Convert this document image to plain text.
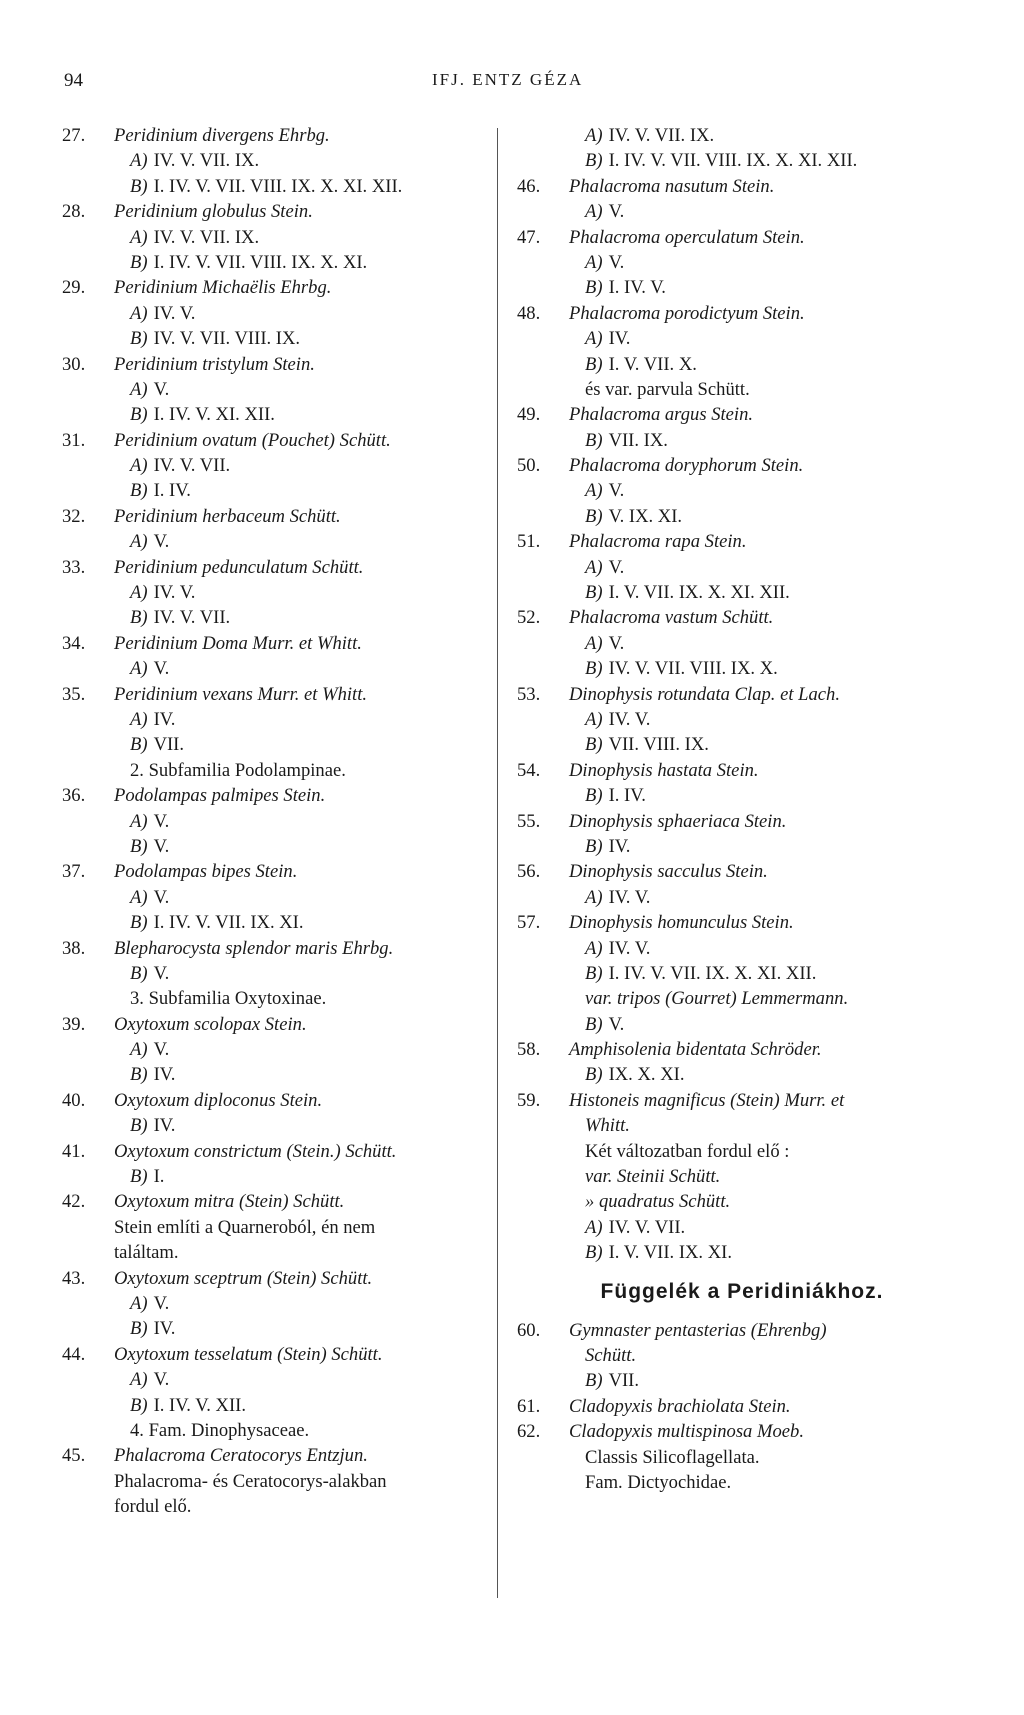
94	IFJ. ENTZ GÉZA
27. Peridinium divergens Ehrbg.
A) IV. V. VII. IX.
B) I. IV. V. VII. VIII. IX. X. XI. XII.
28. Peridinium globulus Stein.
A) IV. V. VII. IX.
B) I. IV. V. VII. VIII. IX. X. XI.
29. Peridinium Michaëlis Ehrbg.
A) IV. V.
B) IV. V. VII. VIII. IX.
30. Peridinium tristylum Stein.
A) V.
B) I. IV. V. XI. XII.
31. Peridinium ovatum (Pouchet) Schütt.
A) IV. V. VII.
B) I. IV.
32. Peridinium herbaceum Schütt.
A) V.
33. Peridinium pedunculatum Schütt.
A) IV. V.
B) IV. V. VII.
34. Peridinium Doma Murr. et Whitt.
A) V.
35. Peridinium vexans Murr. et Whitt.
A) IV.
B) VII.
2. Subfamilia Podolampinae.
36. Podolampas palmipes Stein.
A) V.
B) V.
37. Podolampas bipes Stein.
A) V.
B) I. IV. V. VII. IX. XI.
38. Blepharocysta splendor maris Ehrbg.
B) V.
3. Subfamilia Oxytoxinae.
39. Oxytoxum scolopax Stein.
A) V.
B) IV.
40. Oxytoxum diploconus Stein.
B) IV.
41. Oxytoxum constrictum (Stein.) Schütt.
B) I.
42. Oxytoxum mitra (Stein) Schütt.
Stein említi a Quarneroból, én nem
találtam.
43. Oxytoxum sceptrum (Stein) Schütt.
A) V.
B) IV.
44. Oxytoxum tesselatum (Stein) Schütt.
A) V.
B) I. IV. V. XII.
4. Fam. Dinophysaceae.
45. Phalacroma Ceratocorys Entzjun.
Phalacroma- és Ceratocorys-alakban
fordul elő.
A) IV. V. VII. IX.
B) I. IV. V. VII. VIII. IX. X. XI. XII.
46. Phalacroma nasutum Stein.
A) V.
47. Phalacroma operculatum Stein.
A) V.
B) I. IV. V.
48. Phalacroma porodictyum Stein.
A) IV.
B) I. V. VII. X.
és var. parvula Schütt.
49. Phalacroma argus Stein.
B) VII. IX.
50. Phalacroma doryphorum Stein.
A) V.
B) V. IX. XI.
51. Phalacroma rapa Stein.
A) V.
B) I. V. VII. IX. X. XI. XII.
52. Phalacroma vastum Schütt.
A) V.
B) IV. V. VII. VIII. IX. X.
53. Dinophysis rotundata Clap. et Lach.
A) IV. V.
B) VII. VIII. IX.
54. Dinophysis hastata Stein.
B) I. IV.
55. Dinophysis sphaeriaca Stein.
B) IV.
56. Dinophysis sacculus Stein.
A) IV. V.
57. Dinophysis homunculus Stein.
A) IV. V.
B) I. IV. V. VII. IX. X. XI. XII.
var. tripos (Gourret) Lemmermann.
B) V.
58. Amphisolenia bidentata Schröder.
B) IX. X. XI.
59. Histoneis magnificus (Stein) Murr. et
Whitt.
Két változatban fordul elő :
var. Steinii Schütt.
» quadratus Schütt.
A) IV. V. VII.
B) I. V. VII. IX. XI.
Függelék a Peridiniákhoz.
60. Gymnaster pentasterias (Ehrenbg)
Schütt.
B) VII.
61. Cladopyxis brachiolata Stein.
62. Cladopyxis multispinosa Moeb.
Classis Silicoflagellata.
Fam. Dictyochidae.
